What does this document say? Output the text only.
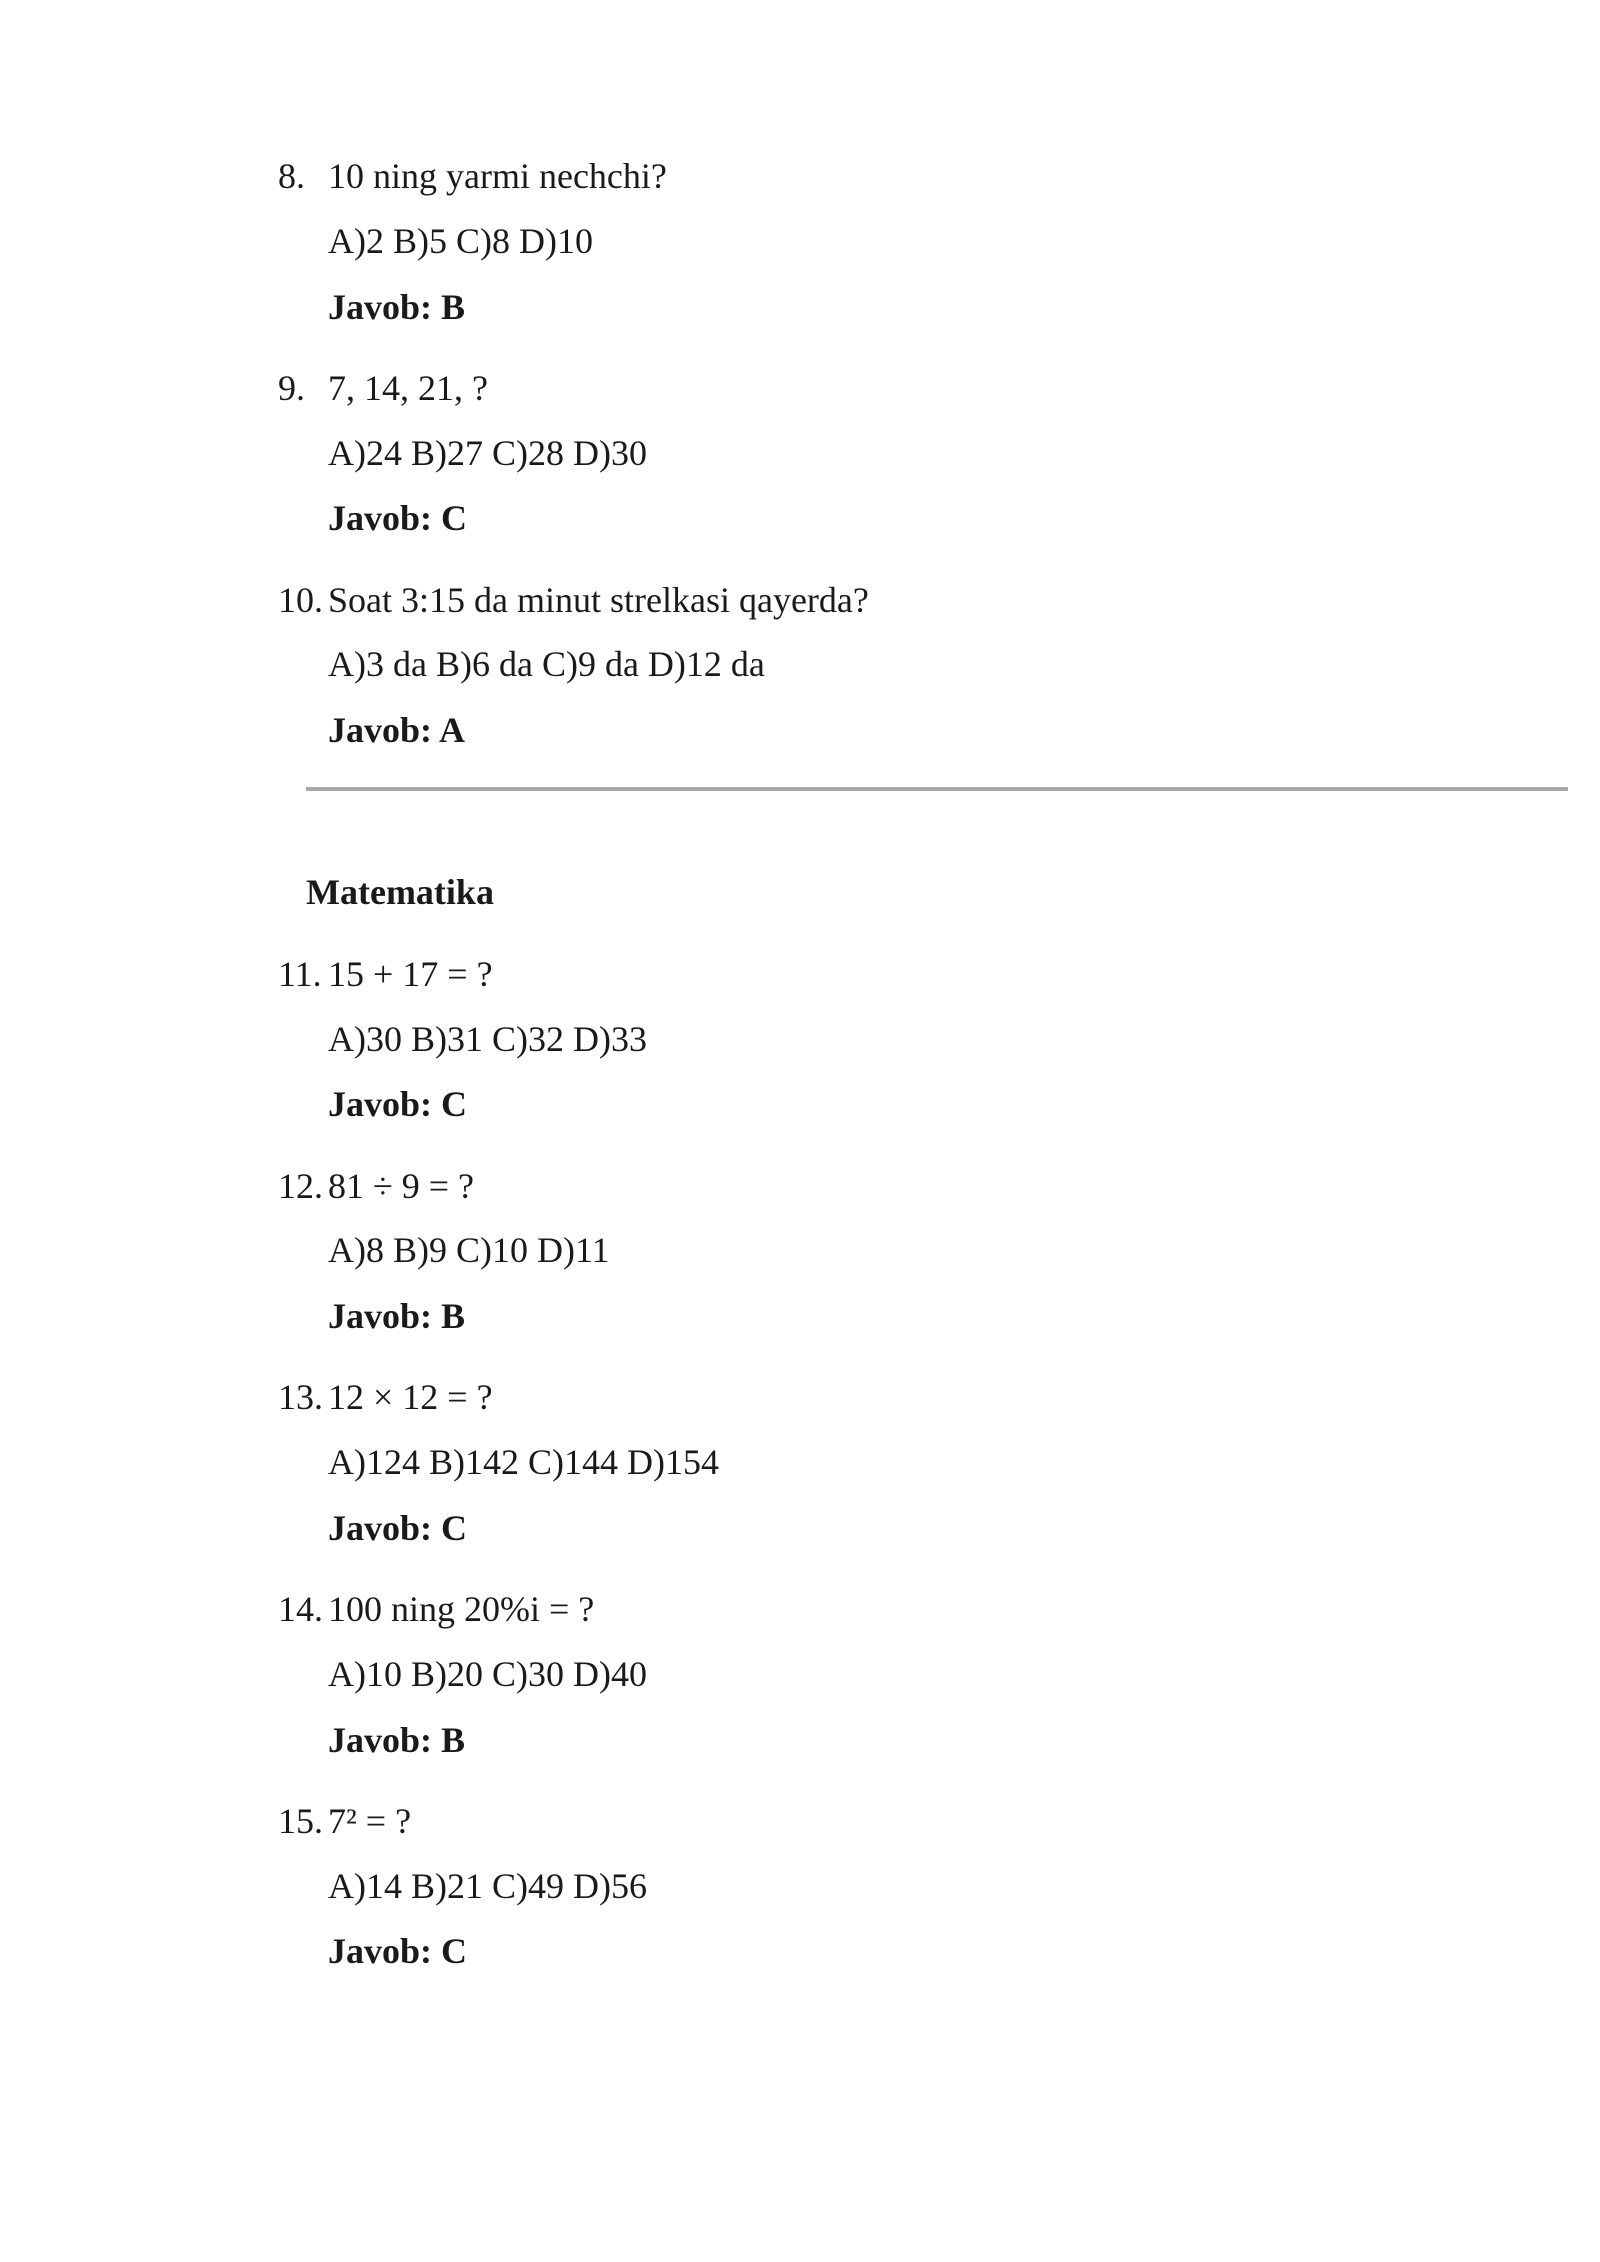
8. 10 ning yarmi nechchi?
A)2 B)5 C)8 D)10
Javob: B
9. 7, 14, 21, ?
A)24 B)27 C)28 D)30
Javob: C
10. Soat 3:15 da minut strelkasi qayerda?
A)3 da B)6 da C)9 da D)12 da
Javob: A
Matematika
11. 15 + 17 = ?
A)30 B)31 C)32 D)33
Javob: C
12. 81 ÷ 9 = ?
A)8 B)9 C)10 D)11
Javob: B
13. 12 × 12 = ?
A)124 B)142 C)144 D)154
Javob: C
14. 100 ning 20%i = ?
A)10 B)20 C)30 D)40
Javob: B
15. 7² = ?
A)14 B)21 C)49 D)56
Javob: C
